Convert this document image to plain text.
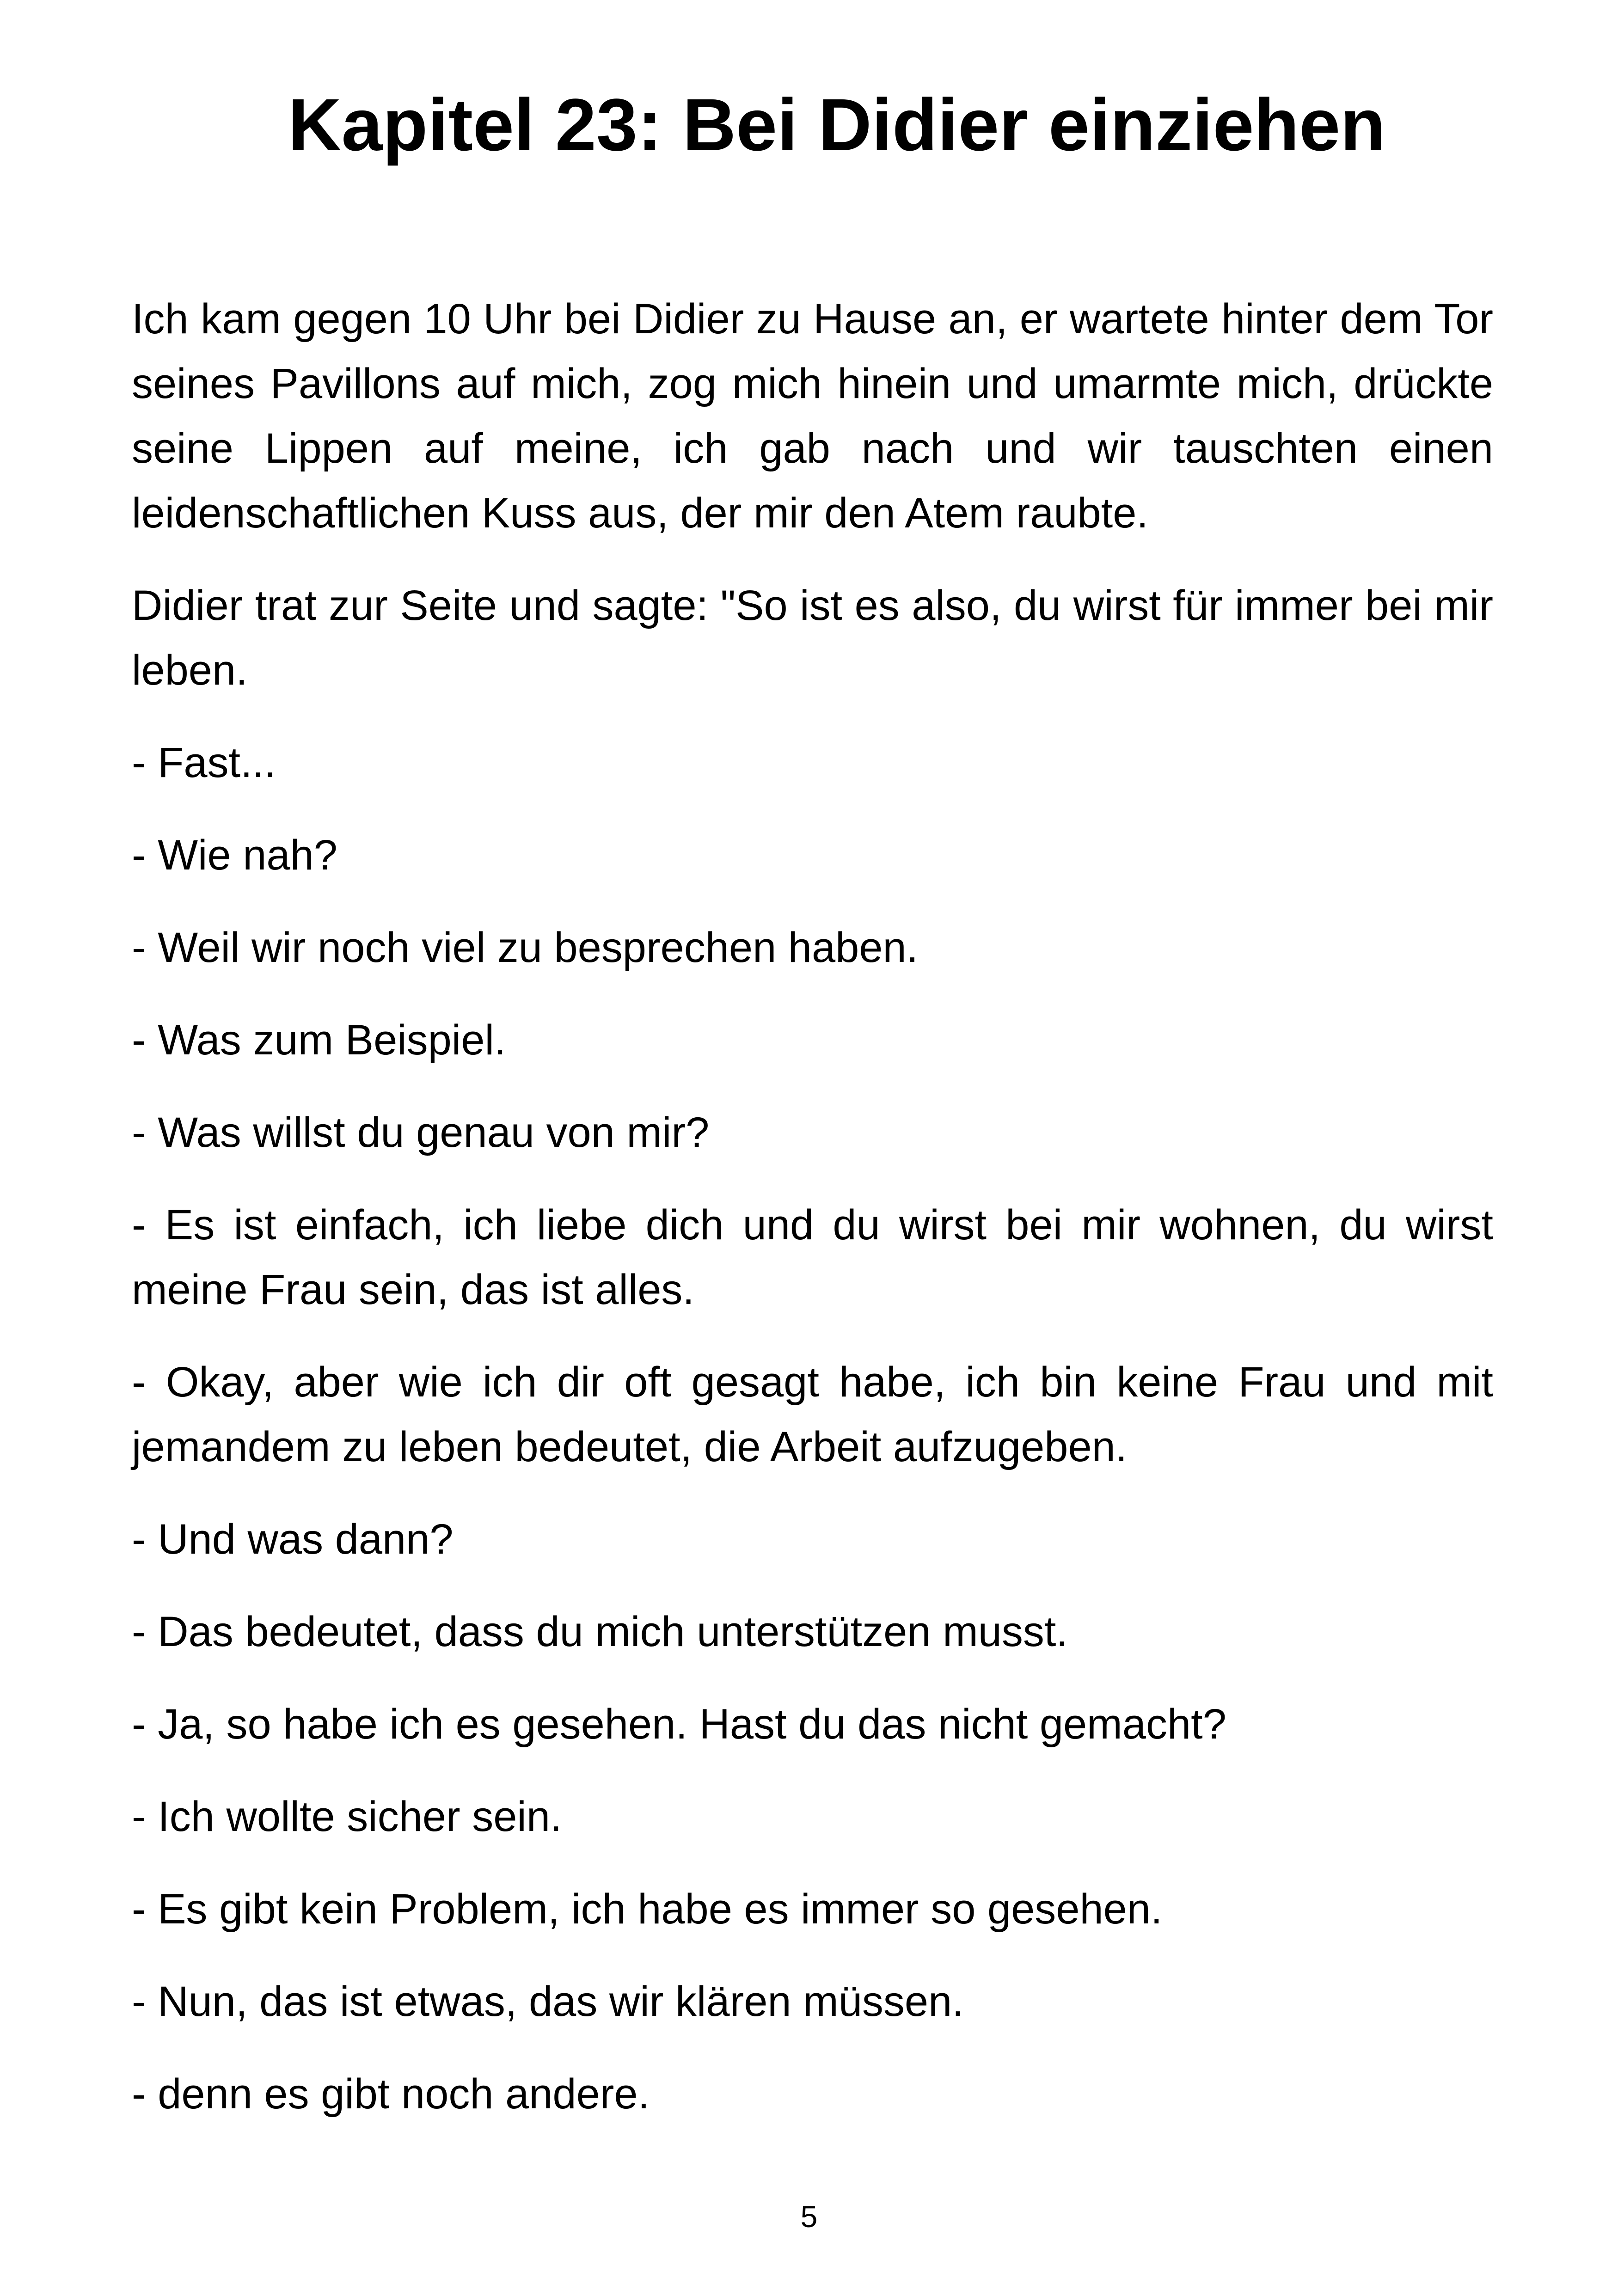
Kapitel 23: Bei Didier einziehen

Ich kam gegen 10 Uhr bei Didier zu Hause an, er wartete hinter dem Tor seines Pavillons auf mich, zog mich hinein und umarmte mich, drückte seine Lippen auf meine, ich gab nach und wir tauschten einen leidenschaftlichen Kuss aus, der mir den Atem raubte.

Didier trat zur Seite und sagte: "So ist es also, du wirst für immer bei mir leben.

- Fast...

- Wie nah?

- Weil wir noch viel zu besprechen haben.

- Was zum Beispiel.

- Was willst du genau von mir?

- Es ist einfach, ich liebe dich und du wirst bei mir wohnen, du wirst meine Frau sein, das ist alles.

- Okay, aber wie ich dir oft gesagt habe, ich bin keine Frau und mit jemandem zu leben bedeutet, die Arbeit aufzugeben.

- Und was dann?

- Das bedeutet, dass du mich unterstützen musst.

- Ja, so habe ich es gesehen. Hast du das nicht gemacht?

- Ich wollte sicher sein.

- Es gibt kein Problem, ich habe es immer so gesehen.

- Nun, das ist etwas, das wir klären müssen.

- denn es gibt noch andere.

5
